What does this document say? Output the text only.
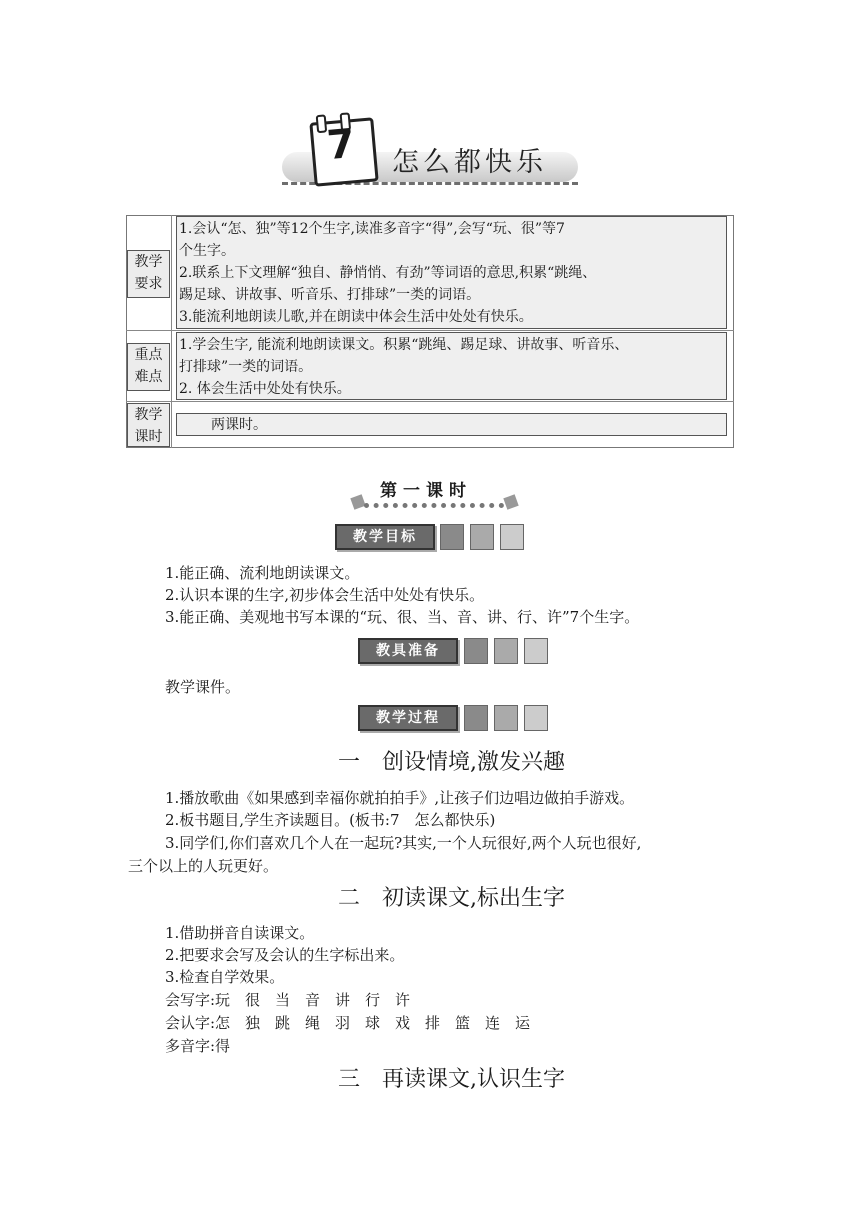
7	怎么都快乐
教学
要求

1.会认“怎、独”等12个生字,读准多音字“得”,会写“玩、很”等7

个生字。

2.联系上下文理解“独自、静悄悄、有劲”等词语的意思,积累“跳绳、

踢足球、讲故事、听音乐、打排球”一类的词语。

3.能流利地朗读儿歌,并在朗读中体会生活中处处有快乐。

重点
难点

1.学会生字, 能流利地朗读课文。积累“跳绳、踢足球、讲故事、听音乐、

打排球”一类的词语。

2. 体会生活中处处有快乐。

教学
课时
两课时。
第一课时
教学目标
1.能正确、流利地朗读课文。
2.认识本课的生字,初步体会生活中处处有快乐。
3.能正确、美观地书写本课的“玩、很、当、音、讲、行、许”7个生字。
教具准备
教学课件。
教学过程
一　创设情境,激发兴趣
1.播放歌曲《如果感到幸福你就拍拍手》,让孩子们边唱边做拍手游戏。
2.板书题目,学生齐读题目。(板书:7　怎么都快乐)
3.同学们,你们喜欢几个人在一起玩?其实,一个人玩很好,两个人玩也很好,
三个以上的人玩更好。
二　初读课文,标出生字
1.借助拼音自读课文。
2.把要求会写及会认的生字标出来。
3.检查自学效果。
会写字:玩　很　当　音　讲　行　许
会认字:怎　独　跳　绳　羽　球　戏　排　篮　连　运
多音字:得
三　再读课文,认识生字
